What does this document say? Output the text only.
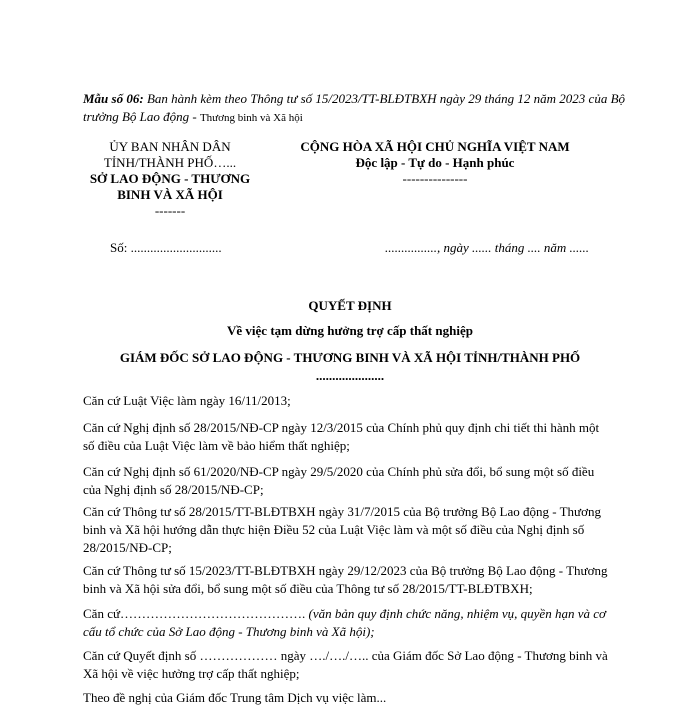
Mẫu số 06: Ban hành kèm theo Thông tư số 15/2023/TT-BLĐTBXH ngày 29 tháng 12 năm 2023 của Bộ trưởng Bộ Lao động - Thương binh và Xã hội
ỦY BAN NHÂN DÂN
TỈNH/THÀNH PHỐ…...
SỞ LAO ĐỘNG - THƯƠNG BINH VÀ XÃ HỘI
-------
CỘNG HÒA XÃ HỘI CHỦ NGHĨA VIỆT NAM
Độc lập - Tự do - Hạnh phúc
---------------
Số: ............................	................, ngày ...... tháng .... năm ......
QUYẾT ĐỊNH
Về việc tạm dừng hưởng trợ cấp thất nghiệp
GIÁM ĐỐC SỞ LAO ĐỘNG - THƯƠNG BINH VÀ XÃ HỘI TỈNH/THÀNH PHỐ .....................
Căn cứ Luật Việc làm ngày 16/11/2013;
Căn cứ Nghị định số 28/2015/NĐ-CP ngày 12/3/2015 của Chính phủ quy định chi tiết thi hành một số điều của Luật Việc làm về bảo hiểm thất nghiệp;
Căn cứ Nghị định số 61/2020/NĐ-CP ngày 29/5/2020 của Chính phủ sửa đổi, bổ sung một số điều của Nghị định số 28/2015/NĐ-CP;
Căn cứ Thông tư số 28/2015/TT-BLĐTBXH ngày 31/7/2015 của Bộ trưởng Bộ Lao động - Thương binh và Xã hội hướng dẫn thực hiện Điều 52 của Luật Việc làm và một số điều của Nghị định số 28/2015/NĐ-CP;
Căn cứ Thông tư số 15/2023/TT-BLĐTBXH ngày 29/12/2023 của Bộ trưởng Bộ Lao động - Thương binh và Xã hội sửa đổi, bổ sung một số điều của Thông tư số 28/2015/TT-BLĐTBXH;
Căn cứ……………………………………. (văn bản quy định chức năng, nhiệm vụ, quyền hạn và cơ cấu tổ chức của Sở Lao động - Thương binh và Xã hội);
Căn cứ Quyết định số ……………… ngày …./…./….. của Giám đốc Sở Lao động - Thương binh và Xã hội về việc hưởng trợ cấp thất nghiệp;
Theo đề nghị của Giám đốc Trung tâm Dịch vụ việc làm...
